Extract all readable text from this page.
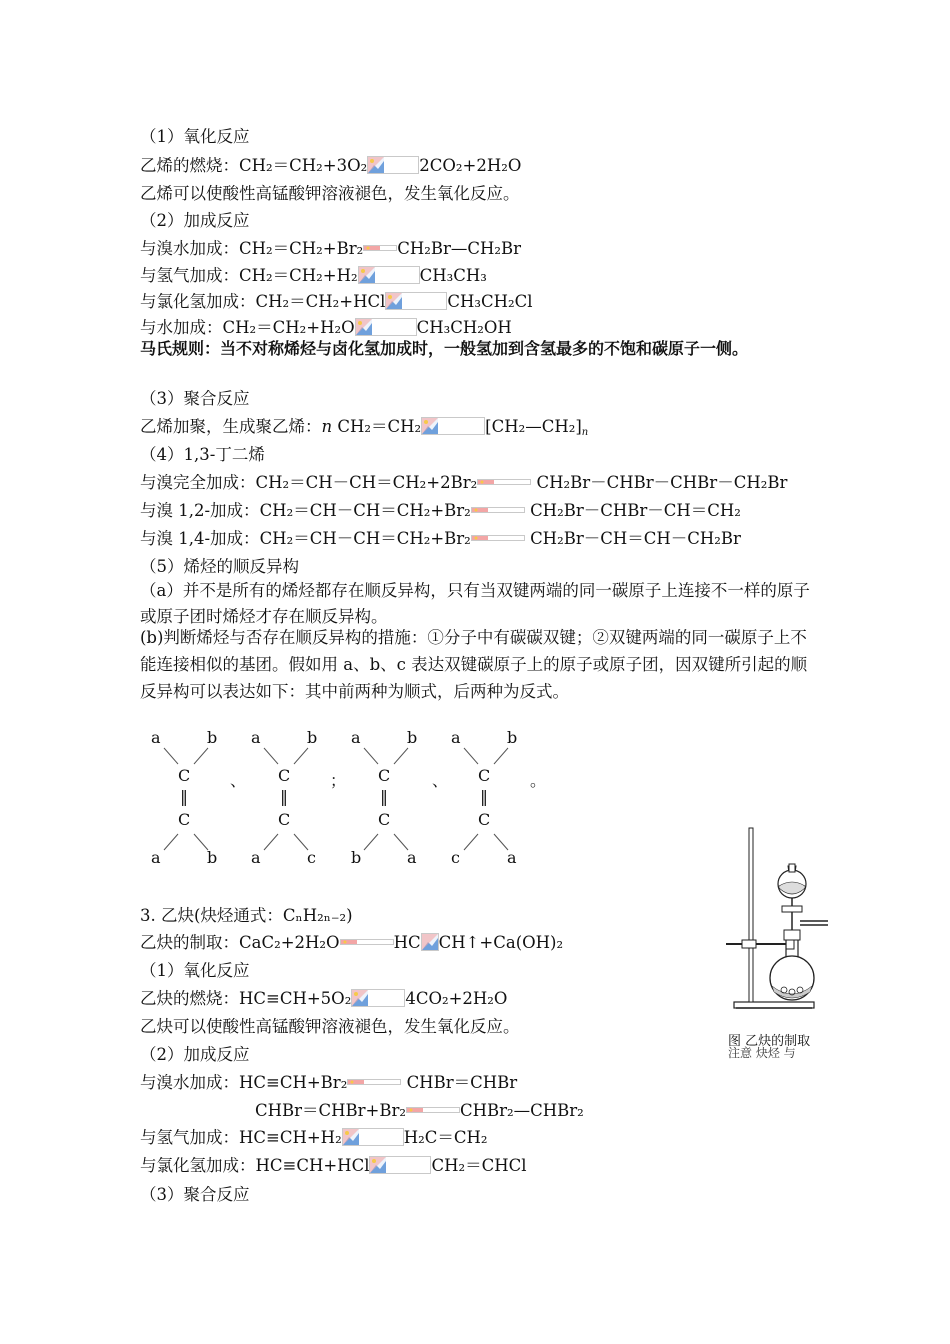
（1）氧化反应
乙烯的燃烧：CH₂＝CH₂+3O₂	2CO₂+2H₂O
乙烯可以使酸性高锰酸钾溶液褪色，发生氧化反应。
（2）加成反应
与溴水加成：CH₂＝CH₂+Br₂ CH₂Br—CH₂Br
与氢气加成：CH₂＝CH₂+H₂	CH₃CH₃
与氯化氢加成：CH₂＝CH₂+HCl	CH₃CH₂Cl
与水加成：CH₂＝CH₂+H₂O	CH₃CH₂OH
马氏规则：当不对称烯烃与卤化氢加成时，一般氢加到含氢最多的不饱和碳原子一侧。
（3）聚合反应
乙烯加聚，生成聚乙烯：n CH₂＝CH₂	$[CH_2—CH_2]_n$
（4）1,3-丁二烯
与溴完全加成：CH₂＝CH－CH＝CH₂+2Br₂	CH₂Br－CHBr－CHBr－CH₂Br
与溴 1,2-加成：CH₂＝CH－CH＝CH₂+Br₂	CH₂Br－CHBr－CH＝CH₂
与溴 1,4-加成：CH₂＝CH－CH＝CH₂+Br₂	CH₂Br－CH＝CH－CH₂Br
（5）烯烃的顺反异构
（a）并不是所有的烯烃都存在顺反异构，只有当双键两端的同一碳原子上连接不一样的原子或原子团时烯烃才存在顺反异构。
(b)判断烯烃与否存在顺反异构的措施：①分子中有碳碳双键；②双键两端的同一碳原子上不能连接相似的基团。假如用 a、b、c 表达双键碳原子上的原子或原子团，因双键所引起的顺反异构可以表达如下：其中前两种为顺式，后两种为反式。
a	b
C
‖
C
a	b
、
a	b
C
‖
C
a	c
；
a	b
C
‖
C
b	a
、
a	b
C
‖
C
c	a
。
3. 乙炔(炔烃通式：CₙH₂ₙ₋₂)
乙炔的制取：CaC₂+2H₂O	HC CH↑+Ca(OH)₂
（1）氧化反应
乙炔的燃烧：HC≡CH+5O₂	4CO₂+2H₂O
乙炔可以使酸性高锰酸钾溶液褪色，发生氧化反应。
（2）加成反应
与溴水加成：HC≡CH+Br₂	CHBr＝CHBr
CHBr＝CHBr+Br₂	CHBr₂—CHBr₂
与氢气加成：HC≡CH+H₂	H₂C＝CH₂
与氯化氢加成：HC≡CH+HCl	CH₂＝CHCl
（3）聚合反应
图 乙炔的制取
注意 炔烃 与
